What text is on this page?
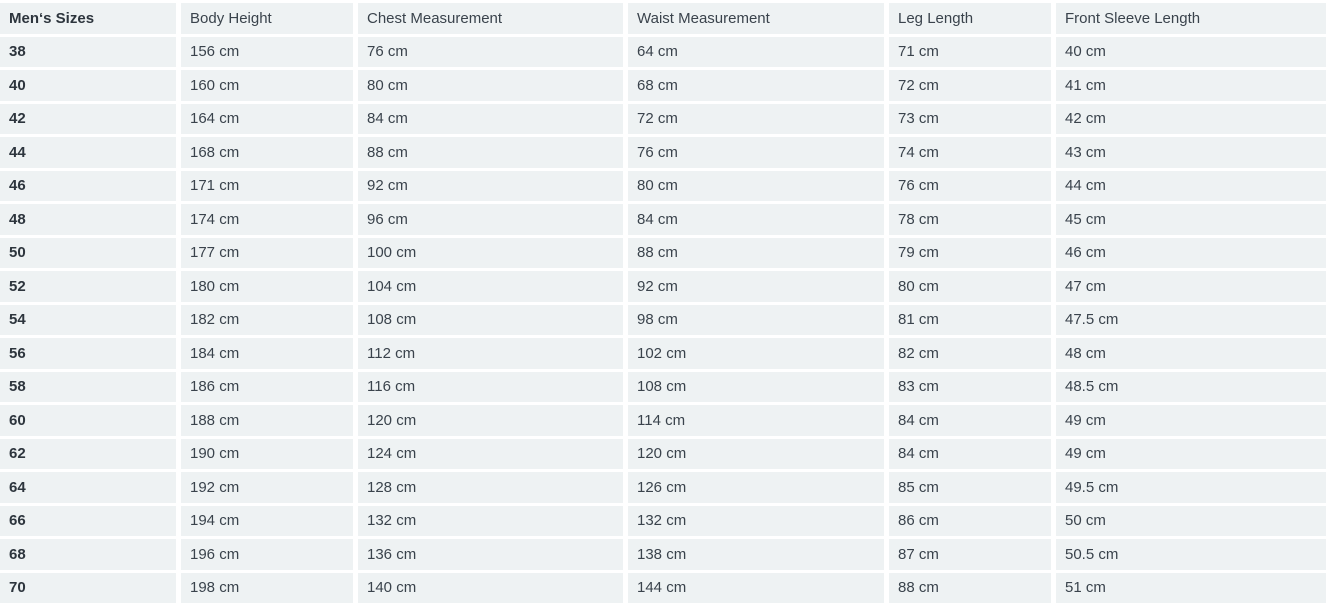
Men‘s Sizes	Body Height	Chest Measurement	Waist Measurement	Leg Length	Front Sleeve Length
38	156 cm	76 cm	64 cm	71 cm	40 cm
40	160 cm	80 cm	68 cm	72 cm	41 cm
42	164 cm	84 cm	72 cm	73 cm	42 cm
44	168 cm	88 cm	76 cm	74 cm	43 cm
46	171 cm	92 cm	80 cm	76 cm	44 cm
48	174 cm	96 cm	84 cm	78 cm	45 cm
50	177 cm	100 cm	88 cm	79 cm	46 cm
52	180 cm	104 cm	92 cm	80 cm	47 cm
54	182 cm	108 cm	98 cm	81 cm	47.5 cm
56	184 cm	112 cm	102 cm	82 cm	48 cm
58	186 cm	116 cm	108 cm	83 cm	48.5 cm
60	188 cm	120 cm	114 cm	84 cm	49 cm
62	190 cm	124 cm	120 cm	84 cm	49 cm
64	192 cm	128 cm	126 cm	85 cm	49.5 cm
66	194 cm	132 cm	132 cm	86 cm	50 cm
68	196 cm	136 cm	138 cm	87 cm	50.5 cm
70	198 cm	140 cm	144 cm	88 cm	51 cm
